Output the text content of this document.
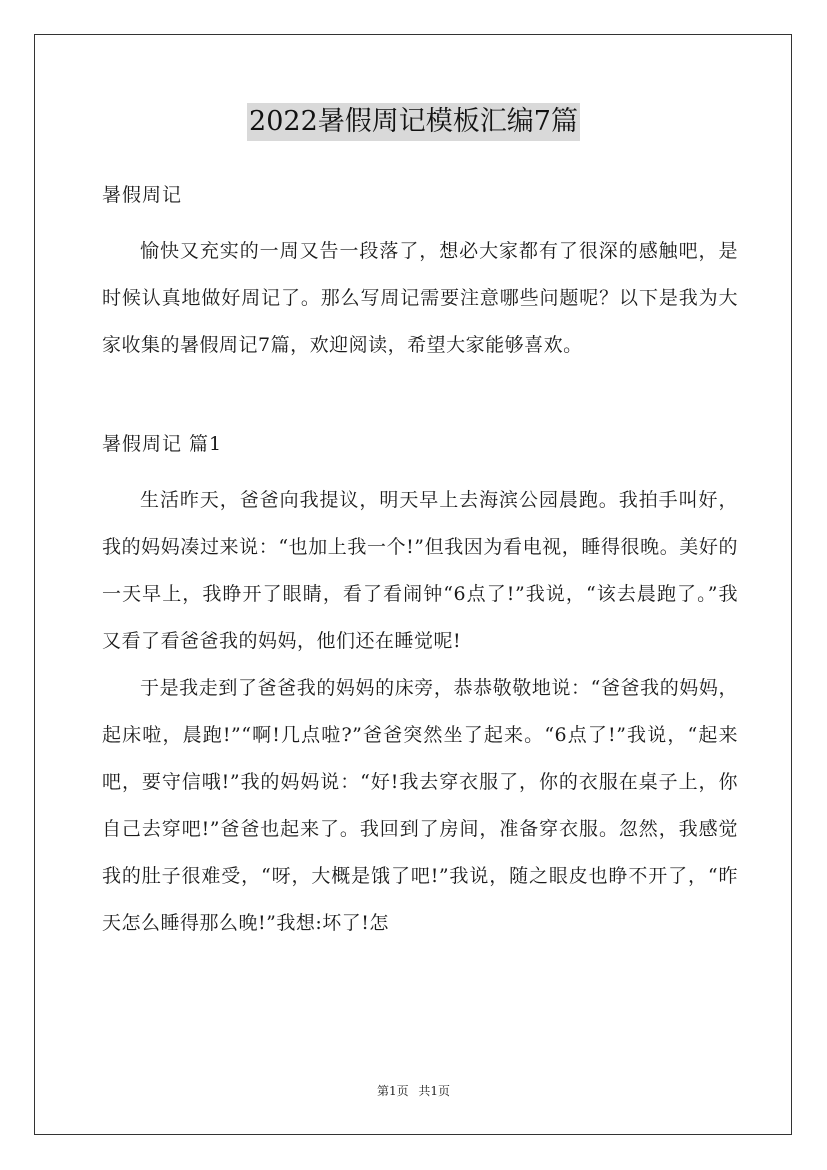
2022暑假周记模板汇编7篇

暑假周记

愉快又充实的一周又告一段落了，想必大家都有了很深的感触吧，是时候认真地做好周记了。那么写周记需要注意哪些问题呢？以下是我为大家收集的暑假周记7篇，欢迎阅读，希望大家能够喜欢。

暑假周记 篇1

生活昨天，爸爸向我提议，明天早上去海滨公园晨跑。我拍手叫好，我的妈妈凑过来说：“也加上我一个!”但我因为看电视，睡得很晚。美好的一天早上，我睁开了眼睛，看了看闹钟“6点了!”我说，“该去晨跑了。”我又看了看爸爸我的妈妈，他们还在睡觉呢!

于是我走到了爸爸我的妈妈的床旁，恭恭敬敬地说：“爸爸我的妈妈，起床啦，晨跑!”“啊!几点啦?”爸爸突然坐了起来。“6点了!”我说，“起来吧，要守信哦!”我的妈妈说：“好!我去穿衣服了，你的衣服在桌子上，你自己去穿吧!”爸爸也起来了。我回到了房间，准备穿衣服。忽然，我感觉我的肚子很难受，“呀，大概是饿了吧!”我说，随之眼皮也睁不开了，“昨天怎么睡得那么晚!”我想:坏了!怎

第1页 共1页
